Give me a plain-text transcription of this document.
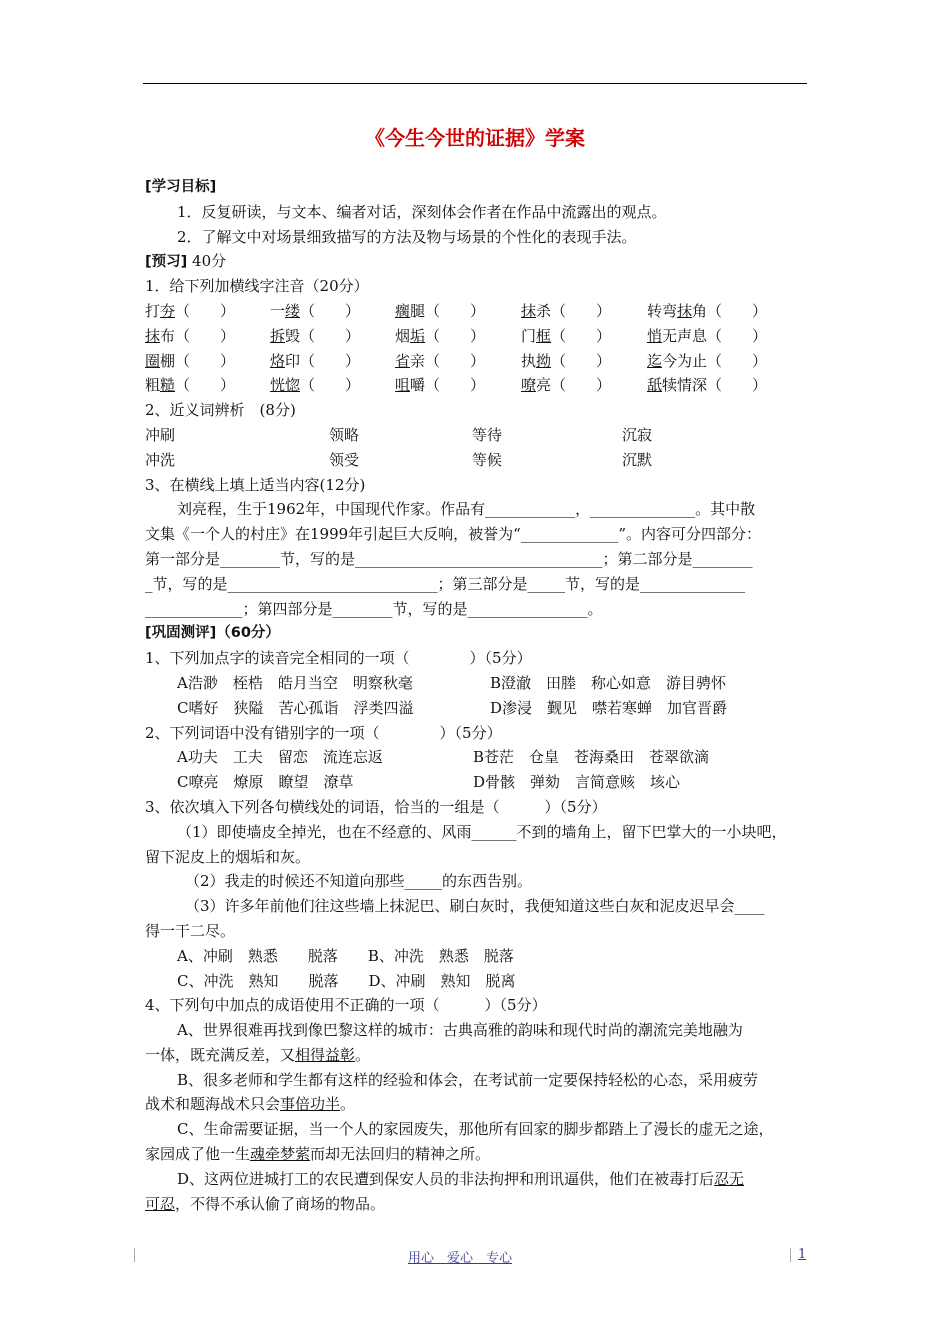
《今生今世的证据》学案
[学习目标]
1．反复研读，与文本、编者对话，深刻体会作者在作品中流露出的观点。
2．了解文中对场景细致描写的方法及物与场景的个性化的表现手法。
[预习] 40分
1．给下列加横线字注音（20分）
打夯（　　） 一缕（　　） 瘸腿（　　） 抹杀（　　） 转弯抹角（　　）
抹布（　　） 拆毁（　　） 烟垢（　　） 门框（　　） 悄无声息（　　）
圈棚（　　） 烙印（　　） 省亲（　　） 执拗（　　） 迄今为止（　　）
粗糙（　　） 恍惚（　　） 咀嚼（　　） 嘹亮（　　） 舐犊情深（　　）
2、近义词辨析　(8分)
冲刷	领略	等待	沉寂
冲洗	领受	等候	沉默
3、在横线上填上适当内容(12分)
刘亮程，生于1962年，中国现代作家。作品有____________，______________。其中散
文集《一个人的村庄》在1999年引起巨大反响，被誉为“_____________”。内容可分四部分：
第一部分是________节，写的是_________________________________；第二部分是________
_节，写的是____________________________；第三部分是_____节，写的是______________
_____________；第四部分是________节，写的是________________。
[巩固测评]（60分）
1、下列加点字的读音完全相同的一项（　　　　）（5分）
A浩渺　桎梏　皓月当空　明察秋毫	B澄澈　田塍　称心如意　游目骋怀
C嗜好　狭隘　苦心孤诣　浮类四溢	D渗浸　觐见　噤若寒蝉　加官晋爵
2、下列词语中没有错别字的一项（　　　　）（5分）
A功夫　工夫　留恋　流连忘返	B苍茫　仓皇　苍海桑田　苍翠欲滴
C嘹亮　燎原　瞭望　潦草	D骨骸　弹劾　言简意赅　垓心
3、依次填入下列各句横线处的词语，恰当的一组是（　　　）（5分）
（1）即使墙皮全掉光，也在不经意的、风雨______不到的墙角上，留下巴掌大的一小块吧，
留下泥皮上的烟垢和灰。
（2）我走的时候还不知道向那些_____的东西告别。
（3）许多年前他们往这些墙上抹泥巴、刷白灰时，我便知道这些白灰和泥皮迟早会____
得一干二尽。
A、冲刷　熟悉　　脱落　　B、冲洗　熟悉　脱落
C、冲洗　熟知　　脱落　　D、冲刷　熟知　脱离
4、下列句中加点的成语使用不正确的一项（　　　）（5分）
A、世界很难再找到像巴黎这样的城市：古典高雅的韵味和现代时尚的潮流完美地融为
一体，既充满反差，又相得益彰。
B、很多老师和学生都有这样的经验和体会，在考试前一定要保持轻松的心态，采用疲劳
战术和题海战术只会事倍功半。
C、生命需要证据，当一个人的家园废失，那他所有回家的脚步都踏上了漫长的虚无之途，
家园成了他一生魂牵梦萦而却无法回归的精神之所。
D、这两位进城打工的农民遭到保安人员的非法拘押和刑讯逼供，他们在被毒打后忍无
可忍，不得不承认偷了商场的物品。
用心　爱心　专心	1
